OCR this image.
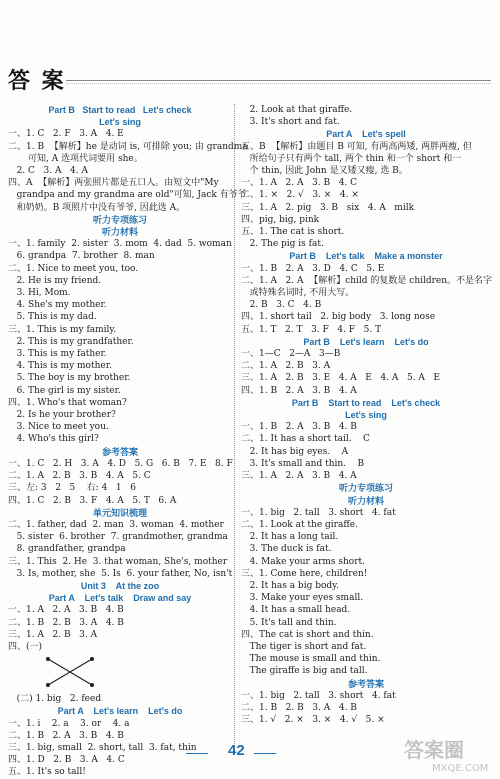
答 案
Part B   Start to read   Let's check
Let's sing
一、1. C   2. F   3. A   4. E
二、1. B  【解析】he 是动词 is, 可排除 you; 由 grandma
可知, A 选项代词要用 she。
2. C   3. A   4. A
四、A  【解析】两张照片都是五口人。由短文中"My
grandpa and my grandma are old"可知, Jack 有爷爷
和奶奶。B 项照片中没有爷爷, 因此选 A。
听力专项练习
听力材料
一、1. family  2. sister  3. mom  4. dad  5. woman
6. grandpa  7. brother  8. man
二、1. Nice to meet you, too.
2. He is my friend.
3. Hi, Mom.
4. She's my mother.
5. This is my dad.
三、1. This is my family.
2. This is my grandfather.
3. This is my father.
4. This is my mother.
5. The boy is my brother.
6. The girl is my sister.
四、1. Who's that woman?
2. Is he your brother?
3. Nice to meet you.
4. Who's this girl?
参考答案
一、1. C   2. H   3. A   4. D   5. G   6. B   7. E   8. F
二、1. A   2. B   3. B   4. A   5. C
三、左: 3   2   5    右: 4   1   6
四、1. C   2. B   3. F   4. A   5. T   6. A
单元知识梳理
二、1. father, dad  2. man  3. woman  4. mother
5. sister  6. brother  7. grandmother, grandma
8. grandfather, grandpa
三、1. This  2. He  3. that woman, She's, mother
3. Is, mother, she  5. Is  6. your father, No, isn't
Unit 3    At the zoo
Part A    Let's talk    Draw and say
一、1. A   2. A   3. B   4. B
二、1. B   2. B   3. A   4. B
三、1. A   2. B   3. A
四、(一)
(二) 1. big   2. feed
Part A    Let's learn    Let's do
一、1. i    2. a    3. or    4. a
二、1. B   2. A   3. B   4. B
三、1. big, small  2. short, tall  3. fat, thin
四、1. D   2. B   3. A   4. C
五、1. It's so tall!
2. Look at that giraffe.
3. It's short and fat.
Part A    Let's spell
五、B  【解析】由题目 B 可知, 有两高两矮, 两胖两瘦, 但
所给句子只有两个 tall, 两个 thin 和一个 short 和一
个 thin, 因此 John 是又矮又瘦, 选 B。
一、1. A   2. A   3. B   4. C
二、1. ×   2. √   3. ×   4. ×
三、1. A   2. pig   3. B   six   4. A   milk
四、pig, big, pink
五、1. The cat is short.
2. The pig is fat.
Part B    Let's talk    Make a monster
一、1. B   2. A   3. D   4. C   5. E
二、1. A   2. A  【解析】child 的复数是 children。不是名字
或特殊名词时, 不用大写。
2. B   3. C   4. B
四、1. short tail   2. big body   3. long nose
五、1. T   2. T   3. F   4. F   5. T
Part B    Let's learn    Let's do
一、1—C   2—A   3—B
二、1. A   2. B   3. A
三、1. A   2. B   3. E   4. A   E   4. A   5. A   E
四、1. B   2. A   3. B   4. A
Part B    Start to read    Let's check
Let's sing
一、1. B   2. A   3. B   4. B
二、1. It has a short tail.    C
2. It has big eyes.    A
3. It's small and thin.    B
三、1. A   2. A   3. B   4. A
听力专项练习
听力材料
一、1. big   2. tall   3. short   4. fat
二、1. Look at the giraffe.
2. It has a long tail.
3. The duck is fat.
4. Make your arms short.
三、1. Come here, children!
2. It has a big body.
3. Make your eyes small.
4. It has a small head.
5. It's tall and thin.
四、The cat is short and thin.
The tiger is short and fat.
The mouse is small and thin.
The giraffe is big and tall.
参考答案
一、1. big   2. tall   3. short   4. fat
二、1. B   2. B   3. A   4. B
三、1. √   2. ×   3. ×   4. √   5. ×
42	答案圈
MXQE.COM
